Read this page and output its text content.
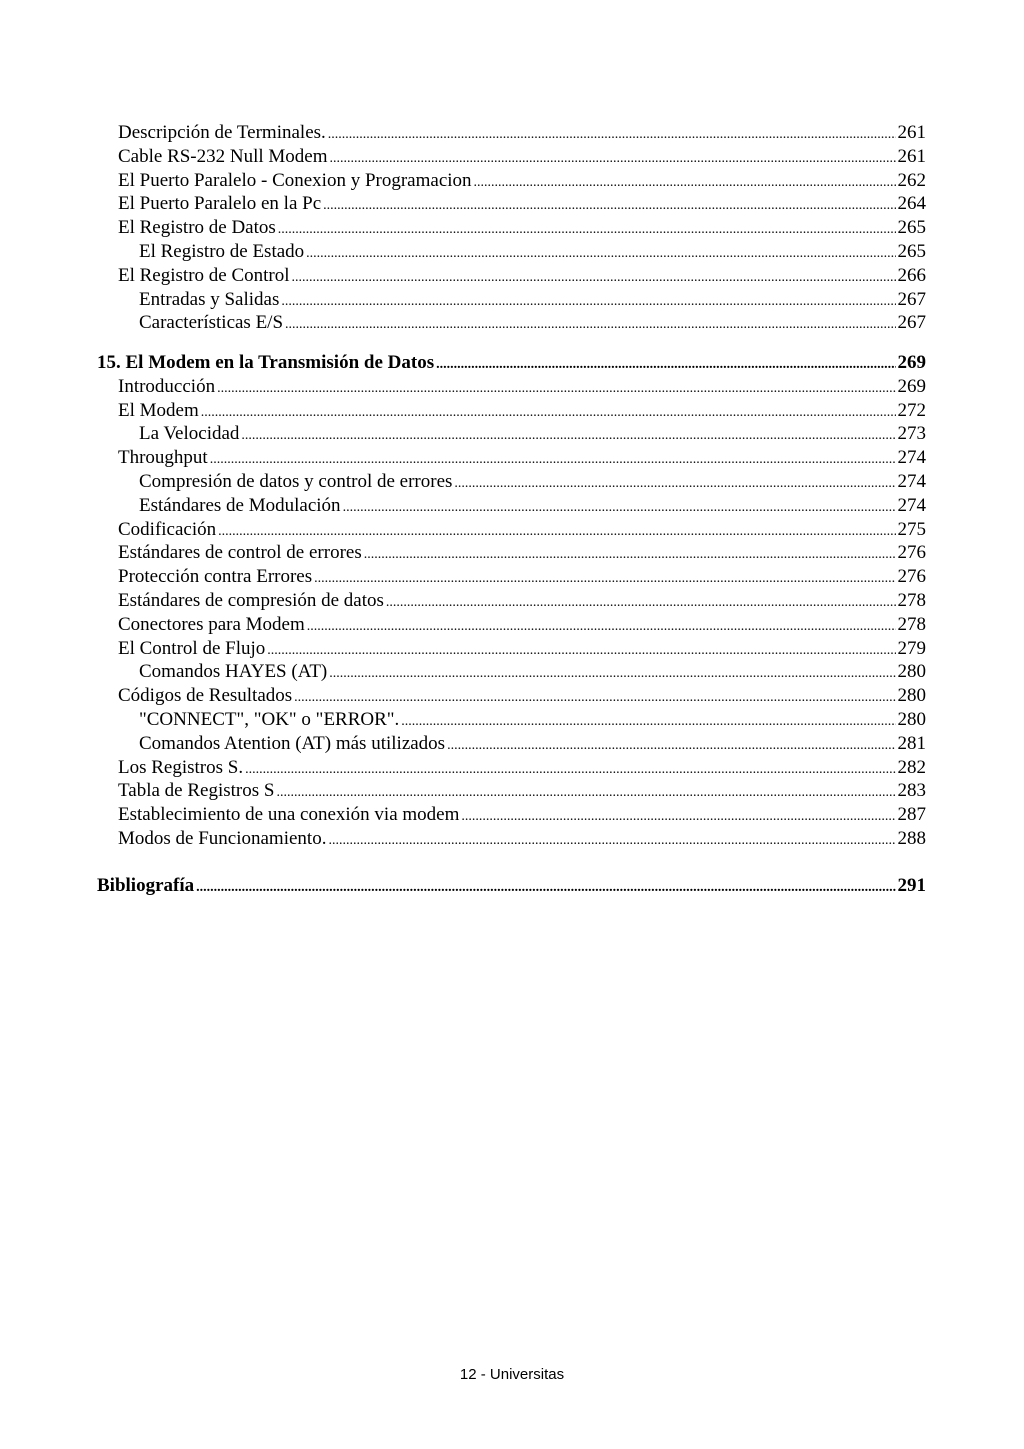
Descripción de Terminales. .....	261
Cable RS-232 Null Modem .....	261
El Puerto Paralelo - Conexion y Programacion .....	262
El Puerto Paralelo en la Pc .....	264
El Registro de Datos .....	265
El Registro de Estado .....	265
El Registro de Control .....	266
Entradas y Salidas .....	267
Características E/S .....	267
15. El Modem en la Transmisión de Datos .....	269
Introducción .....	269
El Modem .....	272
La Velocidad .....	273
Throughput .....	274
Compresión de datos y control de errores .....	274
Estándares de Modulación .....	274
Codificación .....	275
Estándares de control de errores .....	276
Protección contra Errores .....	276
Estándares de compresión de datos .....	278
Conectores para Modem .....	278
El Control de Flujo .....	279
Comandos HAYES (AT) .....	280
Códigos de Resultados .....	280
"CONNECT", "OK" o "ERROR". .....	280
Comandos Atention (AT) más utilizados .....	281
Los Registros S. .....	282
Tabla de Registros S .....	283
Establecimiento de una conexión via modem .....	287
Modos de Funcionamiento. .....	288
Bibliografía .....	291
12 - Universitas
